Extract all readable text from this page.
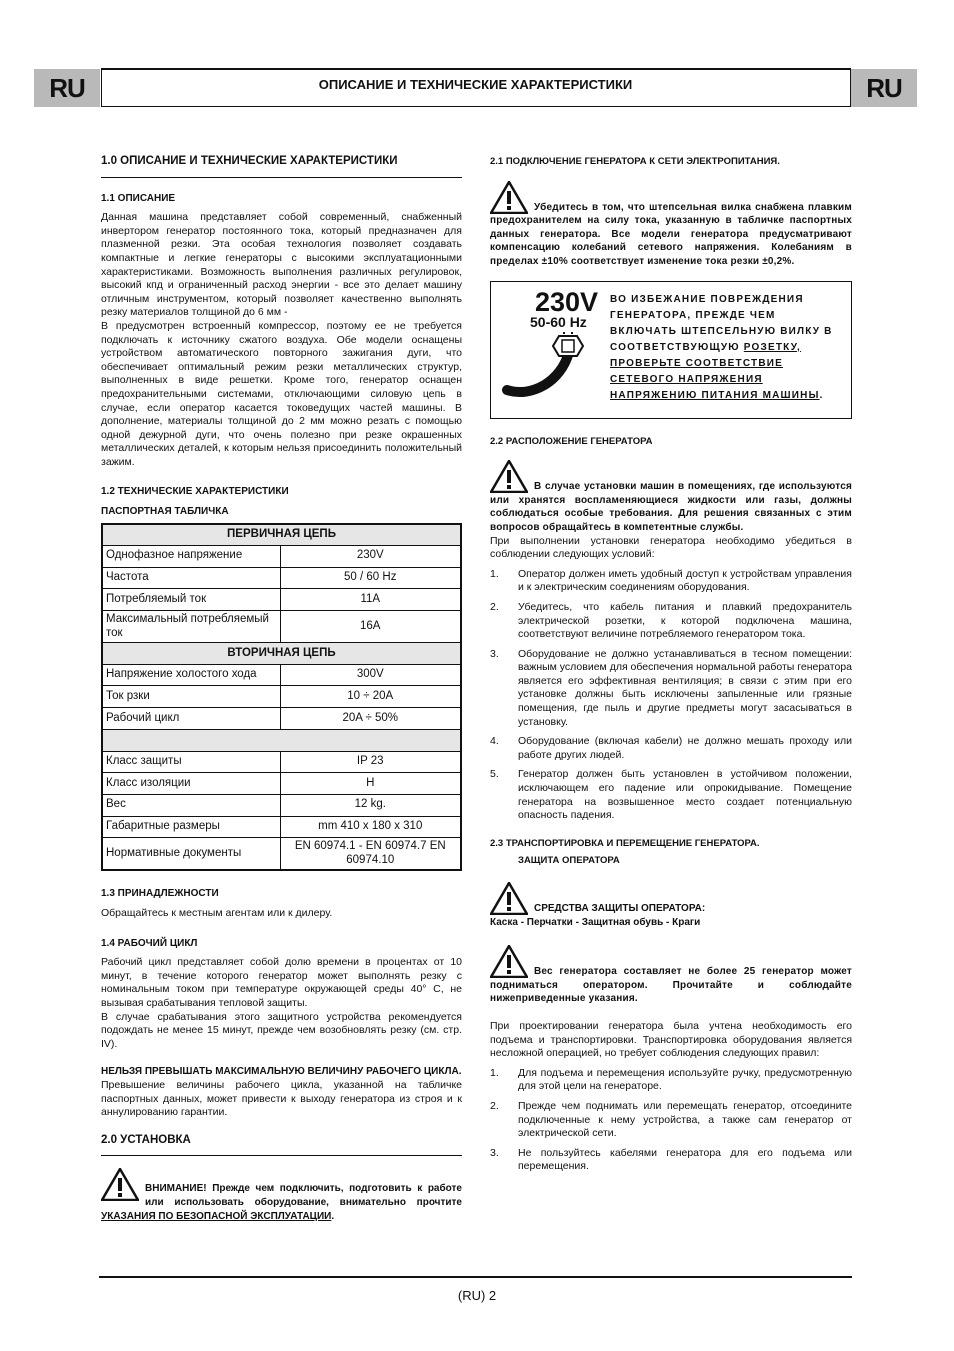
RU	RU
ОПИСАНИЕ И ТЕХНИЧЕСКИЕ ХАРАКТЕРИСТИКИ
1.0 ОПИСАНИЕ И ТЕХНИЧЕСКИЕ ХАРАКТЕРИСТИКИ
1.1 ОПИСАНИЕ

Данная машина представляет собой современный, снабженный инвертором генератор постоянного тока, который предназначен для плазменной резки. Эта особая технология позволяет создавать компактные и легкие генераторы с высокими эксплуатационными характеристиками. Возможность выполнения различных регулировок, высокий кпд и ограниченный расход энергии - все это делает машину отличным инструментом, который позволяет качественно выполнять резку материалов толщиной до 6 мм -

В предусмотрен встроенный компрессор, поэтому ее не требуется подключать к источнику сжатого воздуха. Обе модели оснащены устройством автоматического повторного зажигания дуги, что обеспечивает оптимальный режим резки металлических структур, выполненных в виде решетки. Кроме того, генератор оснащен предохранительными системами, отключающими силовую цепь в случае, если оператор касается токоведущих частей машины. В дополнение, материалы толщиной до 2 мм можно резать с помощью одной дежурной дуги, что очень полезно при резке окрашенных металлических деталей, к которым нельзя присоединить положительный зажим.

1.2 ТЕХНИЧЕСКИЕ ХАРАКТЕРИСТИКИ
ПАСПОРТНАЯ ТАБЛИЧКА
ПЕРВИЧНАЯ ЦЕПЬ	
Однофазное напряжение	230V
Частота	50 / 60 Hz
Потребляемый ток	11A
Максимальный потребляемый ток	16A
ВТОРИЧНАЯ ЦЕПЬ	
Напряжение холостого хода	300V
Ток рзки	10 ÷ 20A
Рабочий цикл	20A ÷ 50%

Класс защиты	IP 23
Класс изоляции	H
Вес	12 kg.
Габаритные размеры	mm 410 x 180 x 310
Нормативные документы	EN 60974.1 - EN 60974.7 EN 60974.10
1.3 ПРИНАДЛЕЖНОСТИ

Обращайтесь к местным агентам или к дилеру.

1.4 РАБОЧИЙ ЦИКЛ

Рабочий цикл представляет собой долю времени в процентах от 10 минут, в течение которого генератор может выполнять резку с номинальным током при температуре окружающей среды 40° С, не вызывая срабатывания тепловой защиты.

В случае срабатывания этого защитного устройства рекомендуется подождать не менее 15 минут, прежде чем возобновлять резку (см. стр. IV).

НЕЛЬЗЯ ПРЕВЫШАТЬ МАКСИМАЛЬНУЮ ВЕЛИЧИНУ РАБОЧЕГО ЦИКЛА.

Превышение величины рабочего цикла, указанной на табличке паспортных данных, может привести к выходу генератора из строя и к аннулированию гарантии.

2.0 УСТАНОВКА

ВНИМАНИЕ! Прежде чем подключить, подготовить к работе или использовать оборудование, внимательно прочтите УКАЗАНИЯ ПО БЕЗОПАСНОЙ ЭКСПЛУАТАЦИИ.

2.1 ПОДКЛЮЧЕНИЕ ГЕНЕРАТОРА К СЕТИ ЭЛЕКТРОПИТАНИЯ.

Убедитесь в том, что штепсельная вилка снабжена плавким предохранителем на силу тока, указанную в табличке паспортных данных генератора. Все модели генератора предусматривают компенсацию колебаний сетевого напряжения. Колебаниям в пределах ±10% соответствует изменение тока резки ±0,2%.

230V
50-60 Hz
ВО ИЗБЕЖАНИЕ ПОВРЕЖДЕНИЯ ГЕНЕРАТОРА, ПРЕЖДЕ ЧЕМ ВКЛЮЧАТЬ ШТЕПСЕЛЬНУЮ ВИЛКУ В СООТВЕТСТВУЮЩУЮ РОЗЕТКУ, ПРОВЕРЬТЕ СООТВЕТСТВИЕ СЕТЕВОГО НАПРЯЖЕНИЯ НАПРЯЖЕНИЮ ПИТАНИЯ МАШИНЫ.
2.2 РАСПОЛОЖЕНИЕ ГЕНЕРАТОРА

В случае установки машин в помещениях, где используются или хранятся воспламеняющиеся жидкости или газы, должны соблюдаться особые требования. Для решения связанных с этим вопросов обращайтесь в компетентные службы.

При выполнении установки генератора необходимо убедиться в соблюдении следующих условий:

1. Оператор должен иметь удобный доступ к устройствам управления и к электрическим соединениям оборудования.
2. Убедитесь, что кабель питания и плавкий предохранитель электрической розетки, к которой подключена машина, соответствуют величине потребляемого генератором тока.
3. Оборудование не должно устанавливаться в тесном помещении: важным условием для обеспечения нормальной работы генератора является его эффективная вентиляция; в связи с этим при его установке должны быть исключены запыленные или грязные помещения, где пыль и другие предметы могут засасываться в установку.
4. Оборудование (включая кабели) не должно мешать проходу или работе других людей.
5. Генератор должен быть установлен в устойчивом положении, исключающем его падение или опрокидывание. Помещение генератора на возвышенное место создает потенциальную опасность падения.
2.3 ТРАНСПОРТИРОВКА И ПЕРЕМЕЩЕНИЕ ГЕНЕРАТОРА.
ЗАЩИТА ОПЕРАТОРА

СРЕДСТВА ЗАЩИТЫ ОПЕРАТОРА:

Каска - Перчатки - Защитная обувь - Краги

Вес генератора составляет не более 25 генератор может подниматься оператором. Прочитайте и соблюдайте нижеприведенные указания.

При проектировании генератора была учтена необходимость его подъема и транспортировки. Транспортировка оборудования является несложной операцией, но требует соблюдения следующих правил:

1. Для подъема и перемещения используйте ручку, предусмотренную для этой цели на генераторе.
2. Прежде чем поднимать или перемещать генератор, отсоедините подключенные к нему устройства, а также сам генератор от электрической сети.
3. Не пользуйтесь кабелями генератора для его подъема или перемещения.
(RU) 2
